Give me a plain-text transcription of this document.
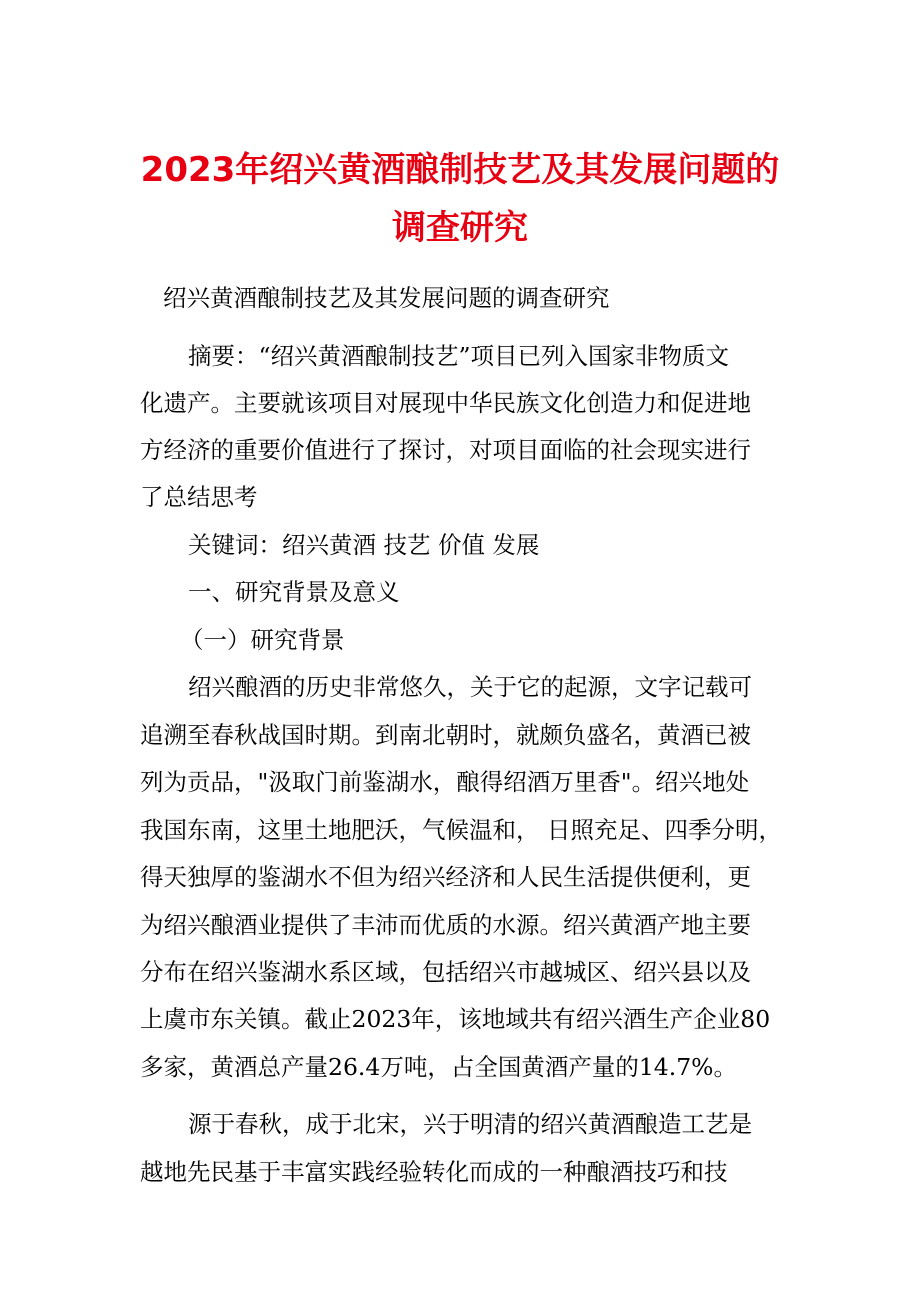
2023年绍兴黄酒酿制技艺及其发展问题的
调查研究
绍兴黄酒酿制技艺及其发展问题的调查研究
摘要：“绍兴黄酒酿制技艺”项目已列入国家非物质文
化遗产。主要就该项目对展现中华民族文化创造力和促进地
方经济的重要价值进行了探讨，对项目面临的社会现实进行
了总结思考
关键词：绍兴黄酒 技艺 价值 发展
一、研究背景及意义
（一）研究背景
绍兴酿酒的历史非常悠久，关于它的起源，文字记载可
追溯至春秋战国时期。到南北朝时，就颇负盛名，黄酒已被
列为贡品，"汲取门前鉴湖水，酿得绍酒万里香"。绍兴地处
我国东南，这里土地肥沃，气候温和， 日照充足、四季分明，
得天独厚的鉴湖水不但为绍兴经济和人民生活提供便利，更
为绍兴酿酒业提供了丰沛而优质的水源。绍兴黄酒产地主要
分布在绍兴鉴湖水系区域，包括绍兴市越城区、绍兴县以及
上虞市东关镇。截止2023年，该地域共有绍兴酒生产企业80
多家，黄酒总产量26.4万吨，占全国黄酒产量的14.7%。
源于春秋，成于北宋，兴于明清的绍兴黄酒酿造工艺是
越地先民基于丰富实践经验转化而成的一种酿酒技巧和技
